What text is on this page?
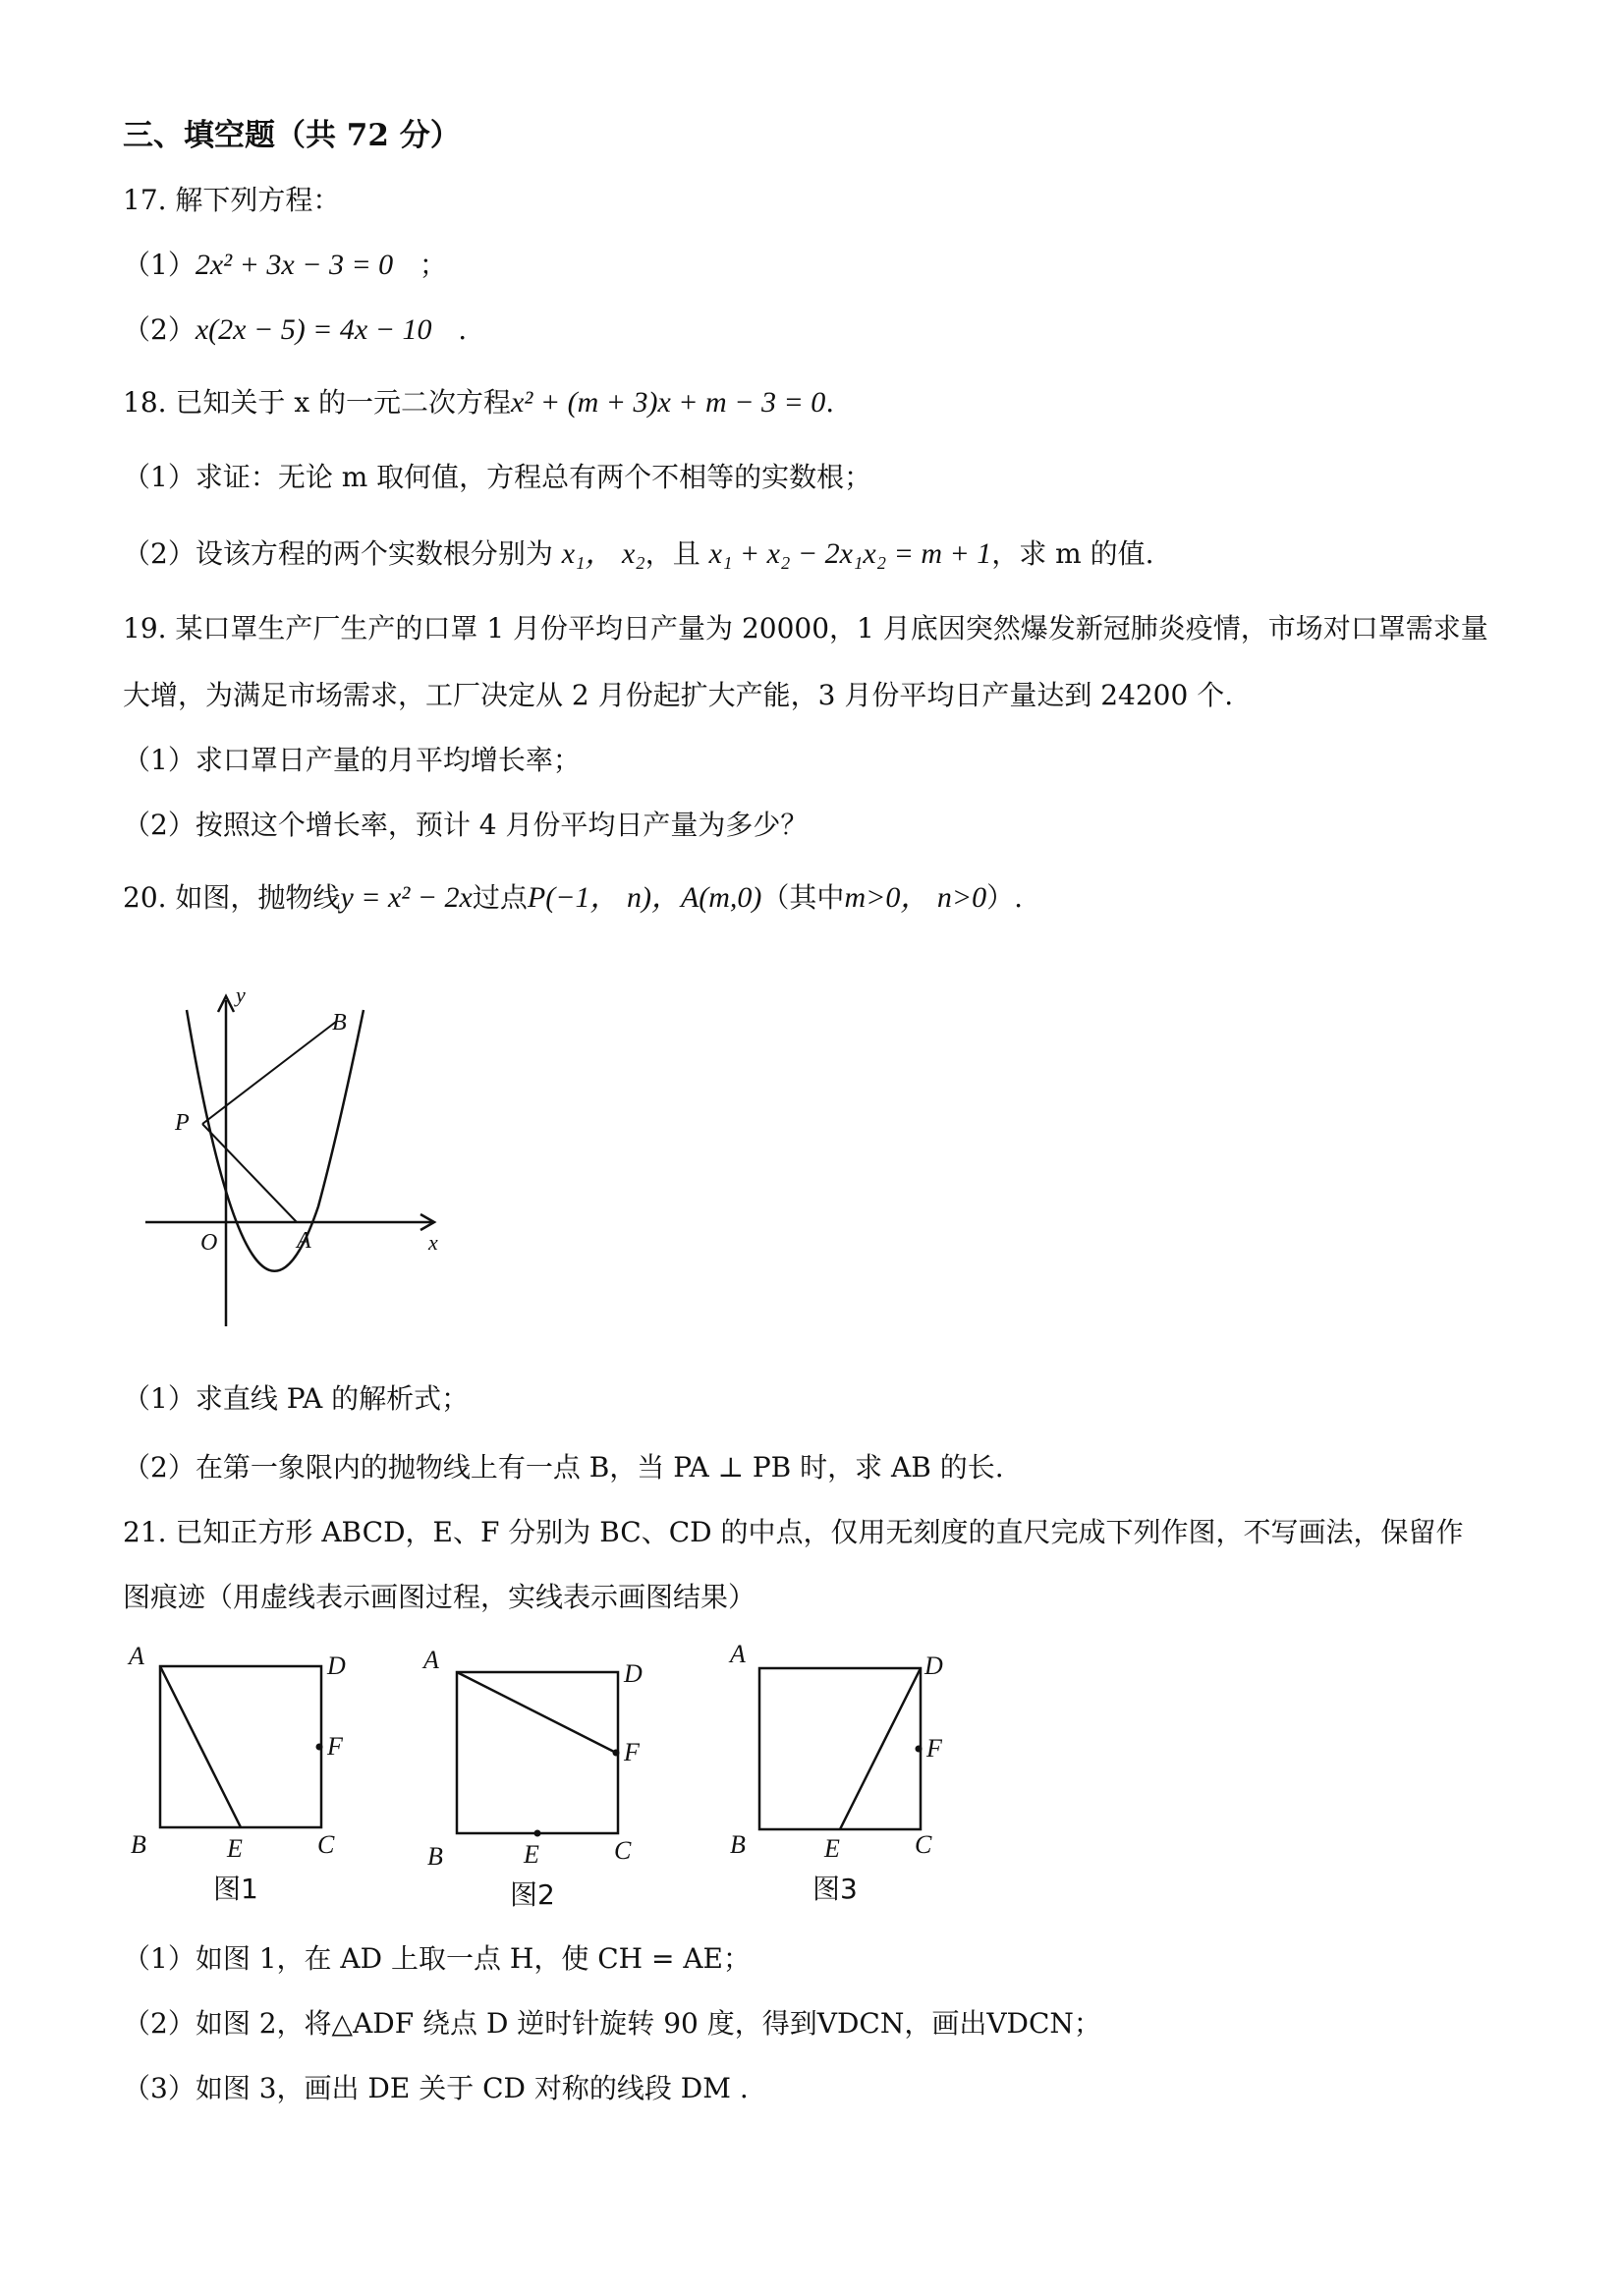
三、填空题（共 72 分）
17. 解下列方程：
（1）2x² + 3x − 3 = 0 ；
（2）x(2x − 5) = 4x − 10 .
18. 已知关于 x 的一元二次方程x² + (m + 3)x + m − 3 = 0.
（1）求证：无论 m 取何值，方程总有两个不相等的实数根；
（2）设该方程的两个实数根分别为 x₁， x₂，且 x₁ + x₂ − 2x₁x₂ = m + 1，求 m 的值.
19. 某口罩生产厂生产的口罩 1 月份平均日产量为 20000，1 月底因突然爆发新冠肺炎疫情，市场对口罩需求量
大增，为满足市场需求，工厂决定从 2 月份起扩大产能，3 月份平均日产量达到 24200 个.
（1）求口罩日产量的月平均增长率；
（2）按照这个增长率，预计 4 月份平均日产量为多少？
20. 如图，抛物线y = x² − 2x过点P(−1， n)，A(m,0)（其中m>0， n>0）.
y
x
O	A
P
B
（1）求直线 PA 的解析式；
（2）在第一象限内的抛物线上有一点 B，当 PA ⊥ PB 时，求 AB 的长.
21. 已知正方形 ABCD，E、F 分别为 BC、CD 的中点，仅用无刻度的直尺完成下列作图，不写画法，保留作
图痕迹（用虚线表示画图过程，实线表示画图结果）
A	D
F
B	E	C
图1
A	D
F
B	E	C
图2
A	D
F
B	E	C
图3
（1）如图 1，在 AD 上取一点 H，使 CH = AE；
（2）如图 2，将△ADF 绕点 D 逆时针旋转 90 度，得到VDCN，画出VDCN；
（3）如图 3，画出 DE 关于 CD 对称的线段 DM .
